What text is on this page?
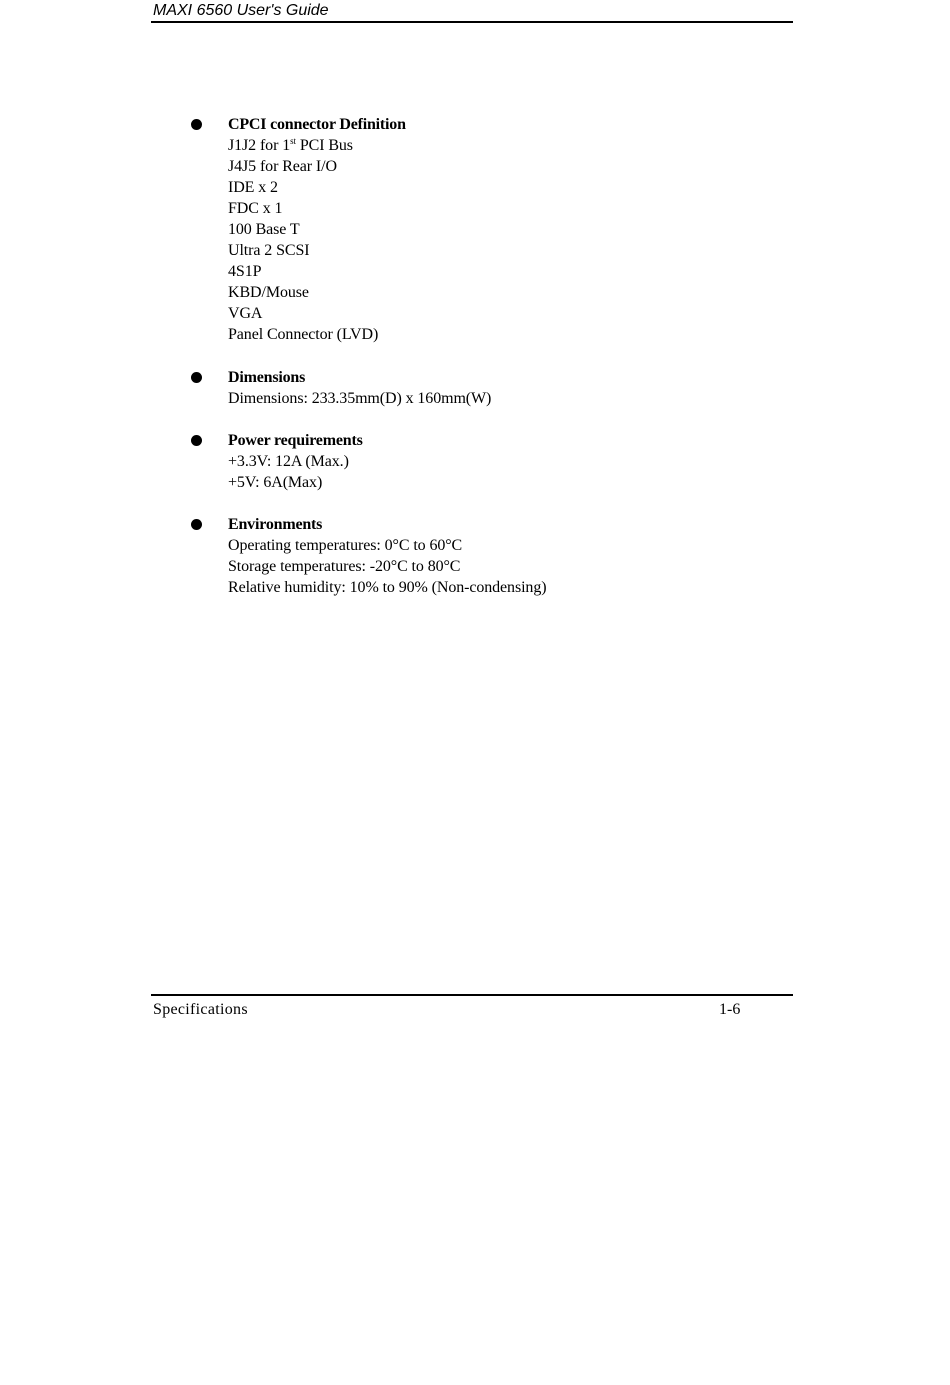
MAXI 6560 User's Guide
CPCI connector Definition
J1J2 for 1st PCI Bus
J4J5 for Rear I/O
IDE x 2
FDC x 1
100 Base T
Ultra 2 SCSI
4S1P
KBD/Mouse
VGA
Panel Connector (LVD)
Dimensions
Dimensions: 233.35mm(D) x 160mm(W)
Power requirements
+3.3V: 12A (Max.)
+5V: 6A(Max)
Environments
Operating temperatures: 0°C to 60°C
Storage temperatures: -20°C to 80°C
Relative humidity: 10% to 90% (Non-condensing)
Specifications	1-6
